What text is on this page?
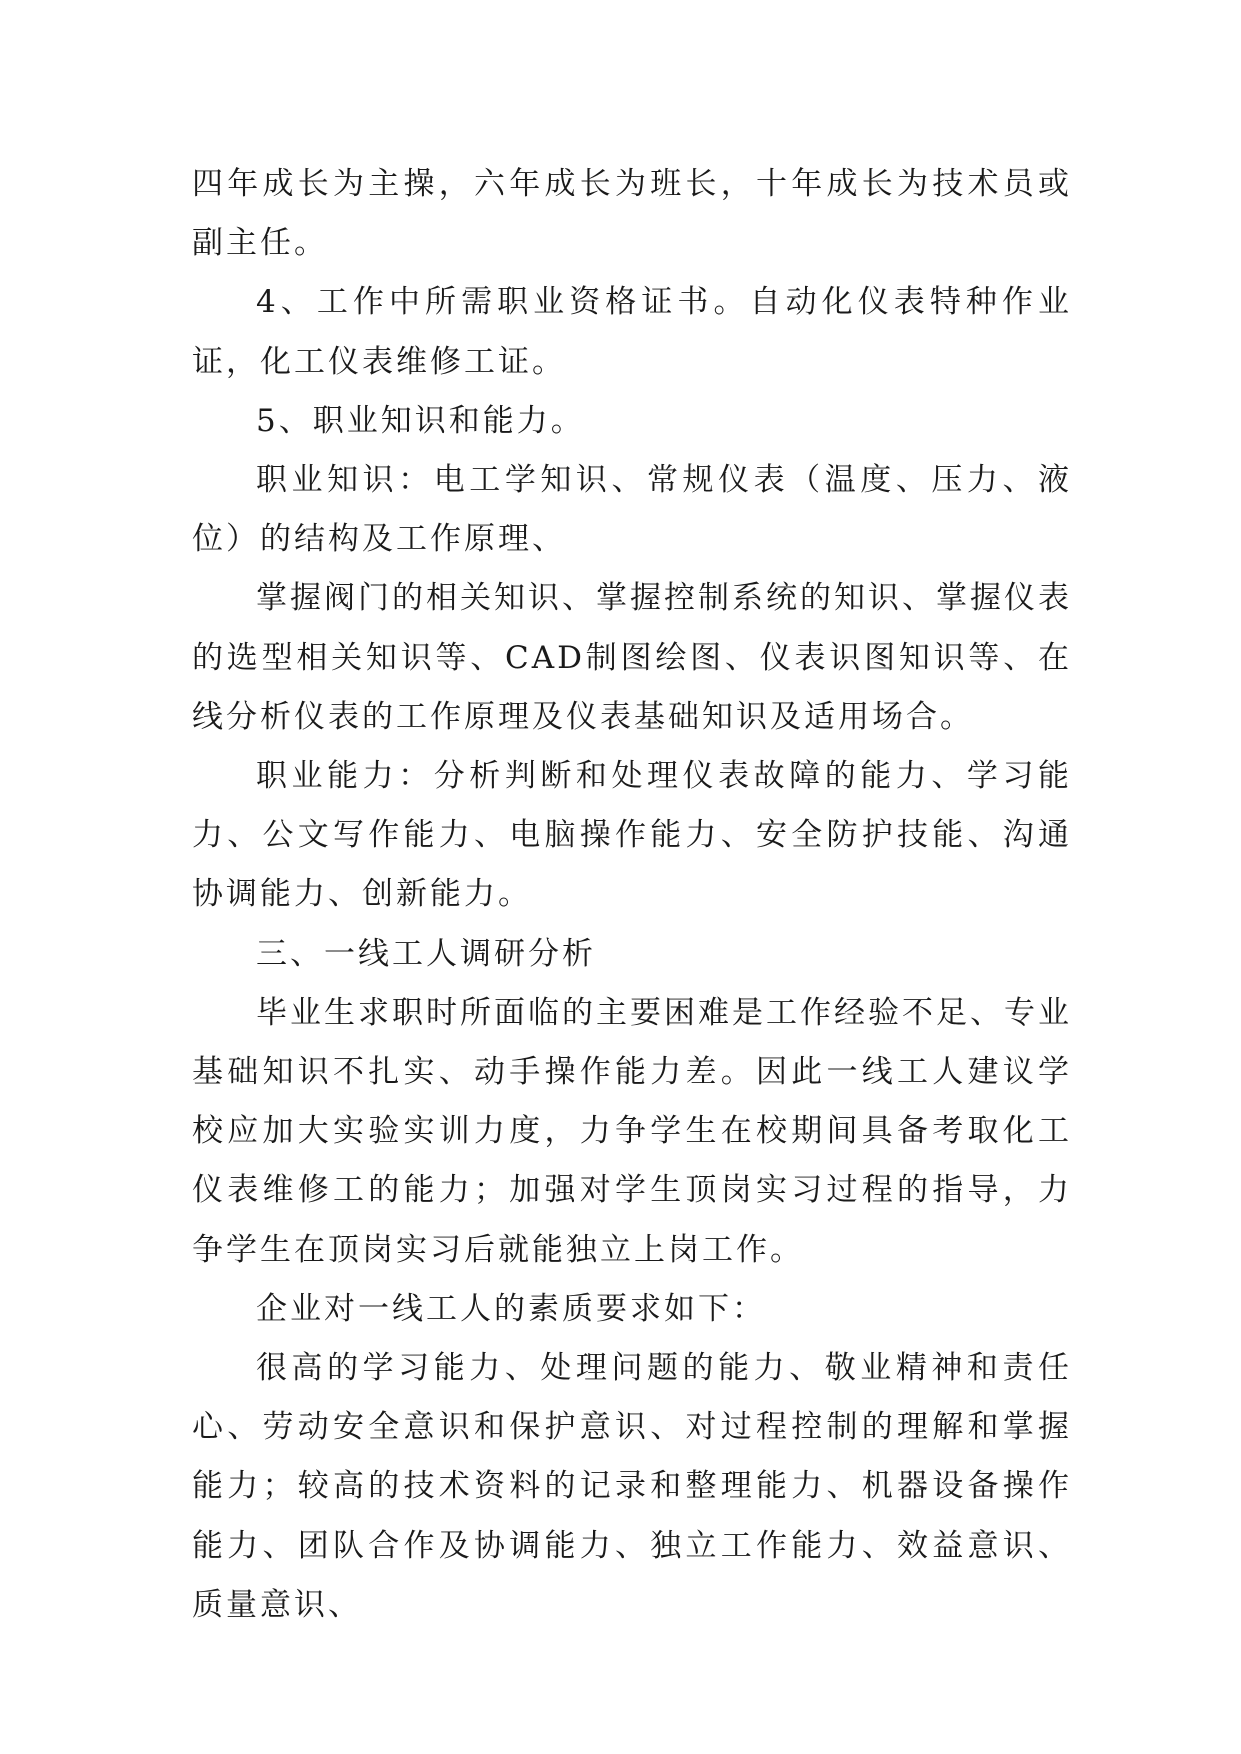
四年成长为主操，六年成长为班长，十年成长为技术员或副主任。

4、工作中所需职业资格证书。自动化仪表特种作业证，化工仪表维修工证。

5、职业知识和能力。

职业知识：电工学知识、常规仪表（温度、压力、液位）的结构及工作原理、

掌握阀门的相关知识、掌握控制系统的知识、掌握仪表的选型相关知识等、CAD制图绘图、仪表识图知识等、在线分析仪表的工作原理及仪表基础知识及适用场合。

职业能力：分析判断和处理仪表故障的能力、学习能力、公文写作能力、电脑操作能力、安全防护技能、沟通协调能力、创新能力。

三、一线工人调研分析

毕业生求职时所面临的主要困难是工作经验不足、专业基础知识不扎实、动手操作能力差。因此一线工人建议学校应加大实验实训力度，力争学生在校期间具备考取化工仪表维修工的能力；加强对学生顶岗实习过程的指导，力争学生在顶岗实习后就能独立上岗工作。

企业对一线工人的素质要求如下：

很高的学习能力、处理问题的能力、敬业精神和责任心、劳动安全意识和保护意识、对过程控制的理解和掌握能力；较高的技术资料的记录和整理能力、机器设备操作能力、团队合作及协调能力、独立工作能力、效益意识、质量意识、
